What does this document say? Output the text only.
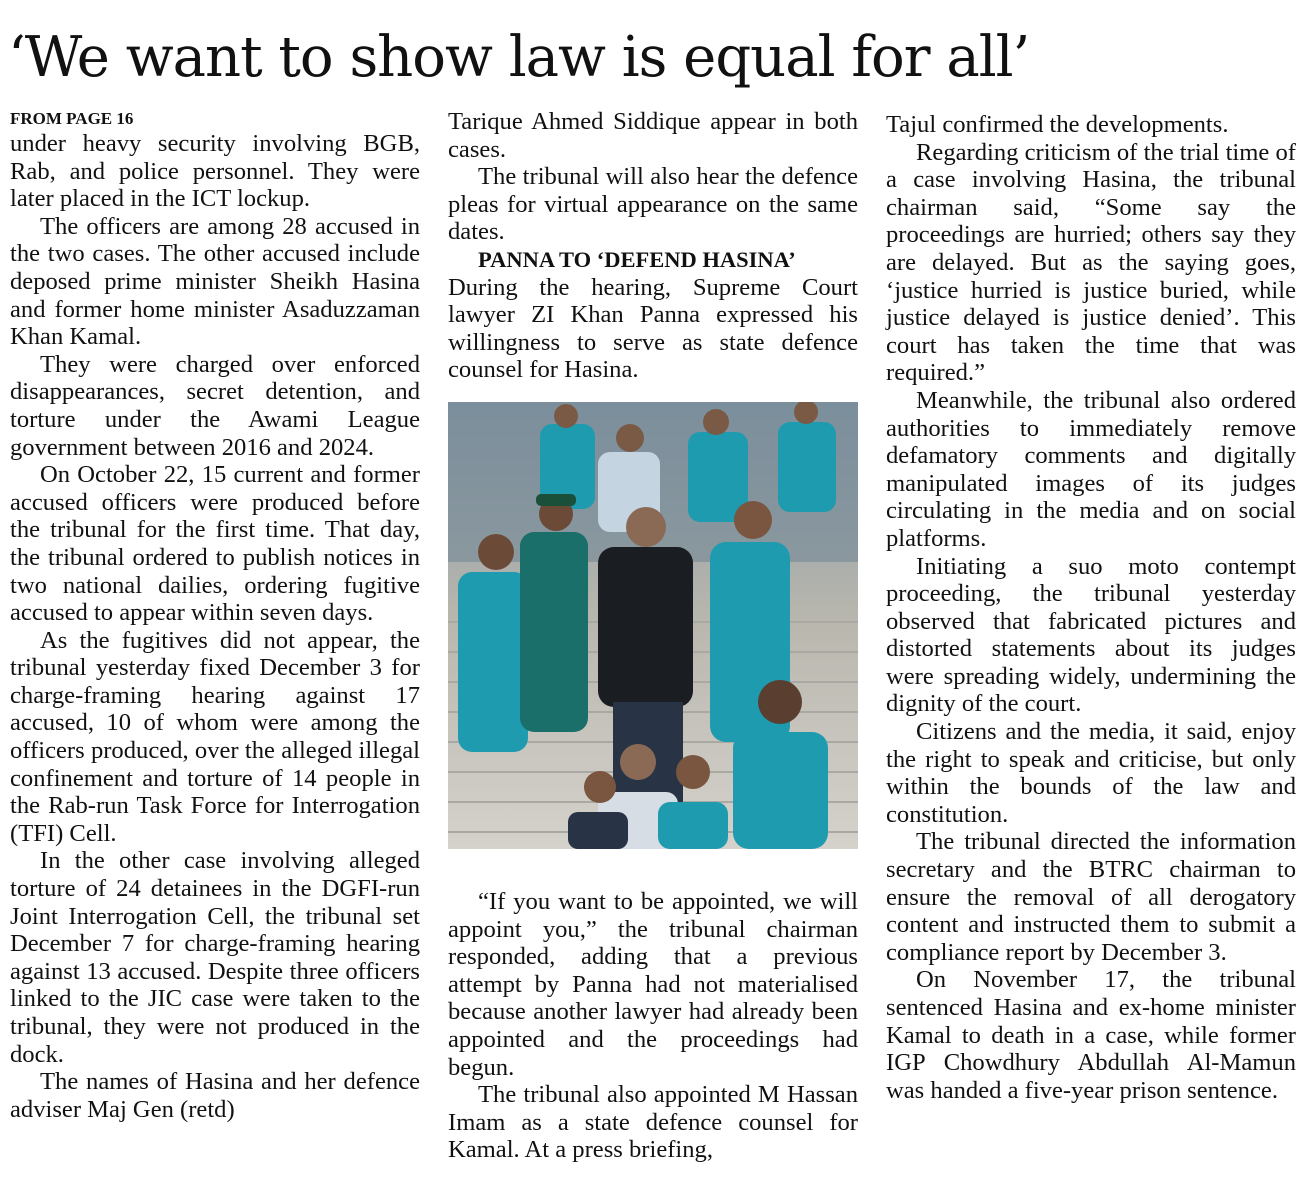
‘We want to show law is equal for all’
FROM PAGE 16

under heavy security involving BGB, Rab, and police personnel. They were later placed in the ICT lockup.

The officers are among 28 accused in the two cases. The other accused include deposed prime minister Sheikh Hasina and former home minister Asaduzzaman Khan Kamal.

They were charged over enforced disappearances, secret detention, and torture under the Awami League government between 2016 and 2024.

On October 22, 15 current and former accused officers were produced before the tribunal for the first time. That day, the tribunal ordered to publish notices in two national dailies, ordering fugitive accused to appear within seven days.

As the fugitives did not appear, the tribunal yesterday fixed December 3 for charge-framing hearing against 17 accused, 10 of whom were among the officers produced, over the alleged illegal confinement and torture of 14 people in the Rab-run Task Force for Interrogation (TFI) Cell.

In the other case involving alleged torture of 24 detainees in the DGFI-run Joint Interrogation Cell, the tribunal set December 7 for charge-framing hearing against 13 accused. Despite three officers linked to the JIC case were taken to the tribunal, they were not produced in the dock.

The names of Hasina and her defence adviser Maj Gen (retd)

Tarique Ahmed Siddique appear in both cases.

The tribunal will also hear the defence pleas for virtual appearance on the same dates.

PANNA TO ‘DEFEND HASINA’

During the hearing, Supreme Court lawyer ZI Khan Panna expressed his willingness to serve as state defence counsel for Hasina.

“If you want to be appointed, we will appoint you,” the tribunal chairman responded, adding that a previous attempt by Panna had not materialised because another lawyer had already been appointed and the proceedings had begun.

The tribunal also appointed M Hassan Imam as a state defence counsel for Kamal. At a press briefing,

Tajul confirmed the developments.

Regarding criticism of the trial time of a case involving Hasina, the tribunal chairman said, “Some say the proceedings are hurried; others say they are delayed. But as the saying goes, ‘justice hurried is justice buried, while justice delayed is justice denied’. This court has taken the time that was required.”

Meanwhile, the tribunal also ordered authorities to immediately remove defamatory comments and digitally manipulated images of its judges circulating in the media and on social platforms.

Initiating a suo moto contempt proceeding, the tribunal yesterday observed that fabricated pictures and distorted statements about its judges were spreading widely, undermining the dignity of the court.

Citizens and the media, it said, enjoy the right to speak and criticise, but only within the bounds of the law and constitution.

The tribunal directed the information secretary and the BTRC chairman to ensure the removal of all derogatory content and instructed them to submit a compliance report by December 3.

On November 17, the tribunal sentenced Hasina and ex-home minister Kamal to death in a case, while former IGP Chowdhury Abdullah Al-Mamun was handed a five-year prison sentence.
